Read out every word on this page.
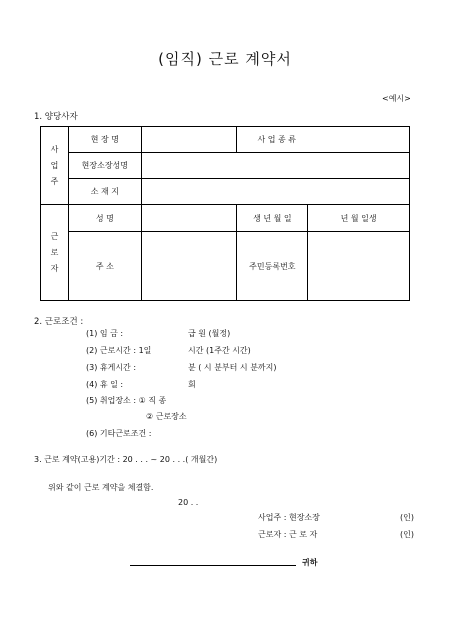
(임직) 근로 계약서
<예시>
1. 양당사자
사
업
주	현 장 명		사 업 종 류
	현장소장성명		
	소 재 지		
근
로
자	성 명		생 년 월 일	년 월 일생
	주 소		주민등록번호	
2. 근로조건 :
(1) 임 금 :	급 원 (월정)
(2) 근로시간 : 1일	시간 (1주간 시간)
(3) 휴게시간 :	분 ( 시 분부터 시 분까지)
(4) 휴 일 :	회
(5) 취업장소 : ① 직 종
② 근로장소
(6) 기타근로조건 :
3. 근로 계약(고용)기간 : 20 . . . ~ 20 . . .( 개월간)
위와 같이 근로 계약을 체결함.
20 . .
사업주 : 현장소장	(인)
근로자 : 근 로 자	(인)
귀하
